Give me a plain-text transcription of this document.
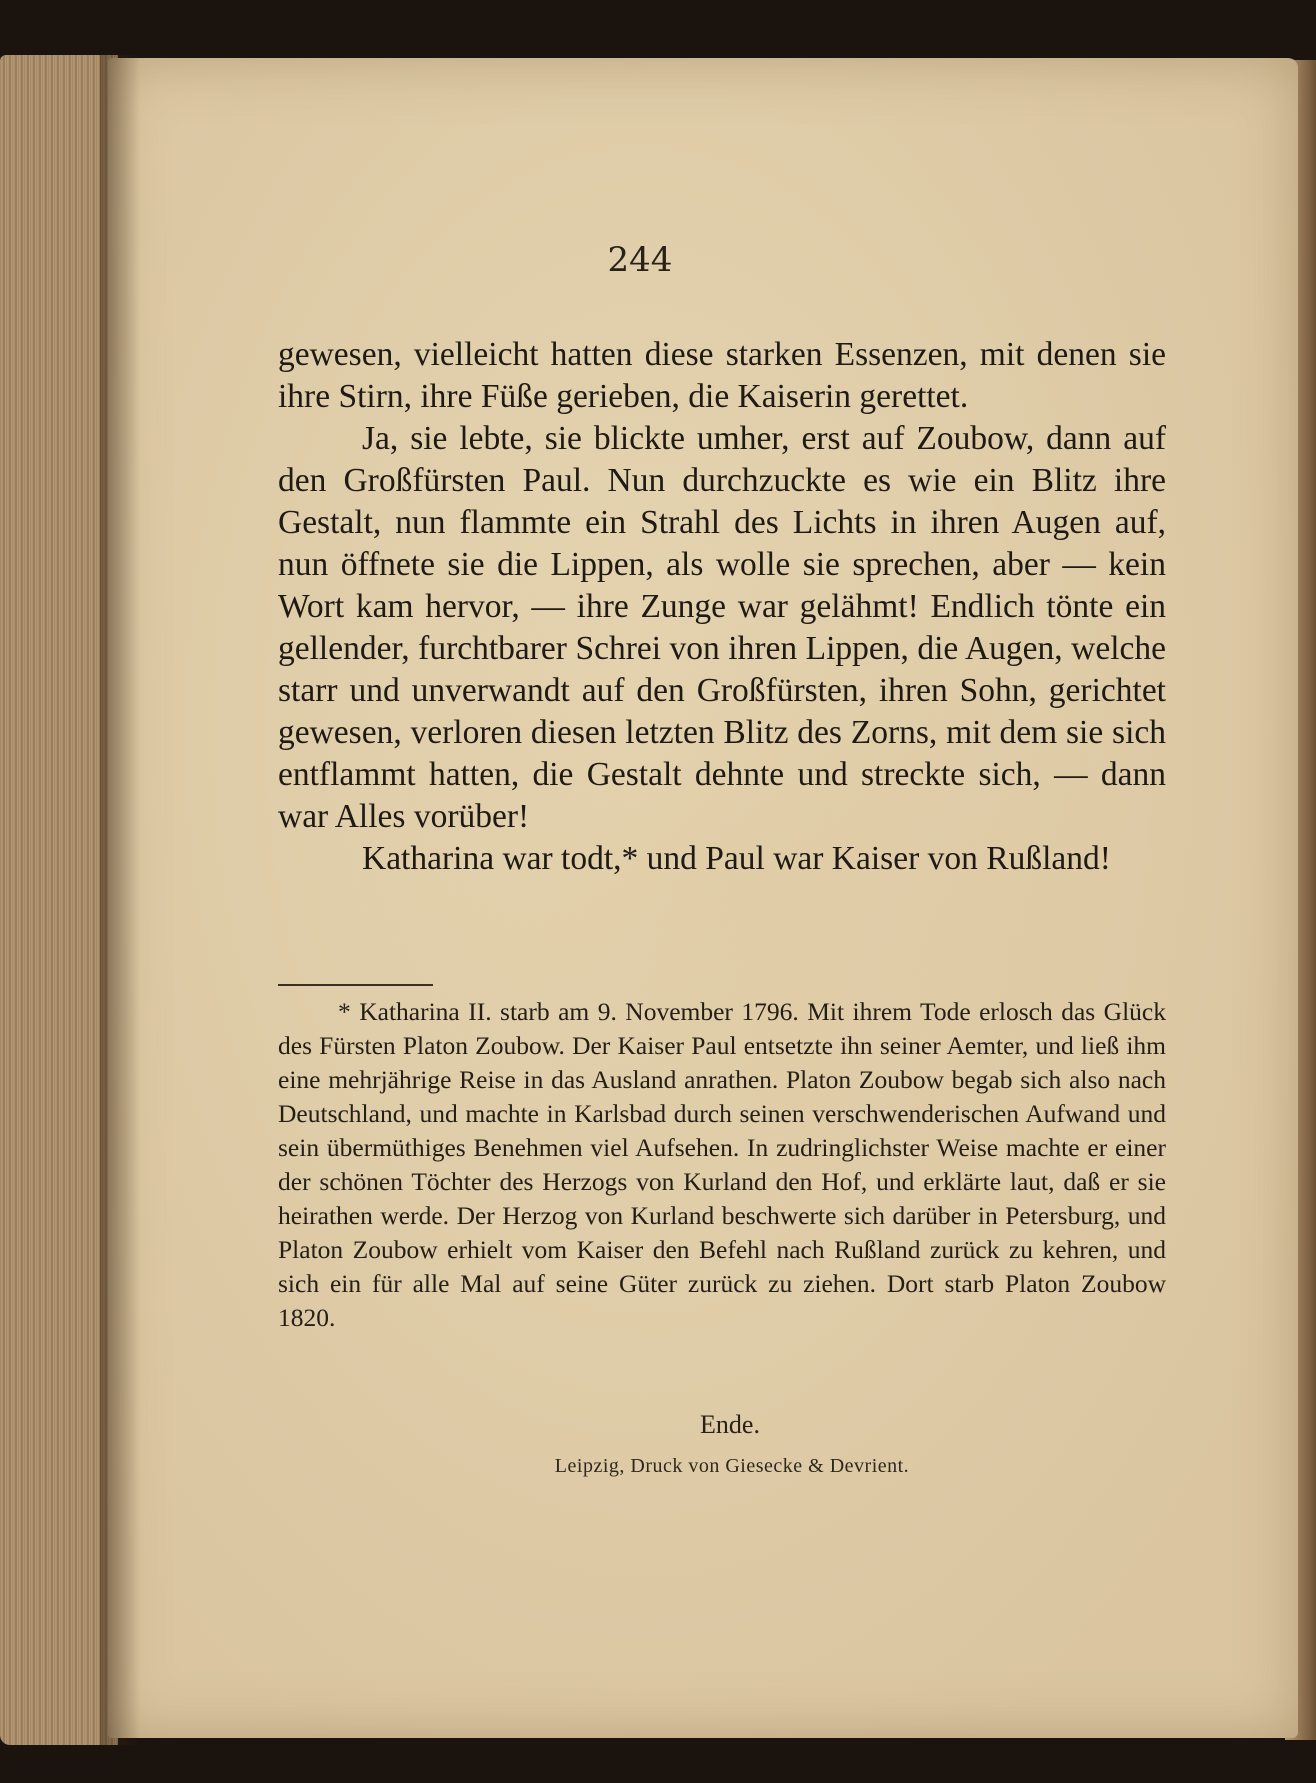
244

gewesen, vielleicht hatten diese starken Essenzen, mit denen sie ihre Stirn, ihre Füße gerieben, die Kaiserin gerettet.

Ja, sie lebte, sie blickte umher, erst auf Zoubow, dann auf den Großfürsten Paul. Nun durchzuckte es wie ein Blitz ihre Gestalt, nun flammte ein Strahl des Lichts in ihren Augen auf, nun öffnete sie die Lippen, als wolle sie sprechen, aber — kein Wort kam hervor, — ihre Zunge war gelähmt! Endlich tönte ein gellender, furchtbarer Schrei von ihren Lippen, die Augen, welche starr und unverwandt auf den Großfürsten, ihren Sohn, gerichtet gewesen, verloren diesen letzten Blitz des Zorns, mit dem sie sich entflammt hatten, die Gestalt dehnte und streckte sich, — dann war Alles vorüber!

Katharina war todt,* und Paul war Kaiser von Rußland!

* Katharina II. starb am 9. November 1796. Mit ihrem Tode erlosch das Glück des Fürsten Platon Zoubow. Der Kaiser Paul entsetzte ihn seiner Aemter, und ließ ihm eine mehrjährige Reise in das Ausland anrathen. Platon Zoubow begab sich also nach Deutschland, und machte in Karlsbad durch seinen verschwenderischen Aufwand und sein übermüthiges Benehmen viel Aufsehen. In zudringlichster Weise machte er einer der schönen Töchter des Herzogs von Kurland den Hof, und erklärte laut, daß er sie heirathen werde. Der Herzog von Kurland beschwerte sich darüber in Petersburg, und Platon Zoubow erhielt vom Kaiser den Befehl nach Rußland zurück zu kehren, und sich ein für alle Mal auf seine Güter zurück zu ziehen. Dort starb Platon Zoubow 1820.

Ende.
Leipzig, Druck von Giesecke & Devrient.
